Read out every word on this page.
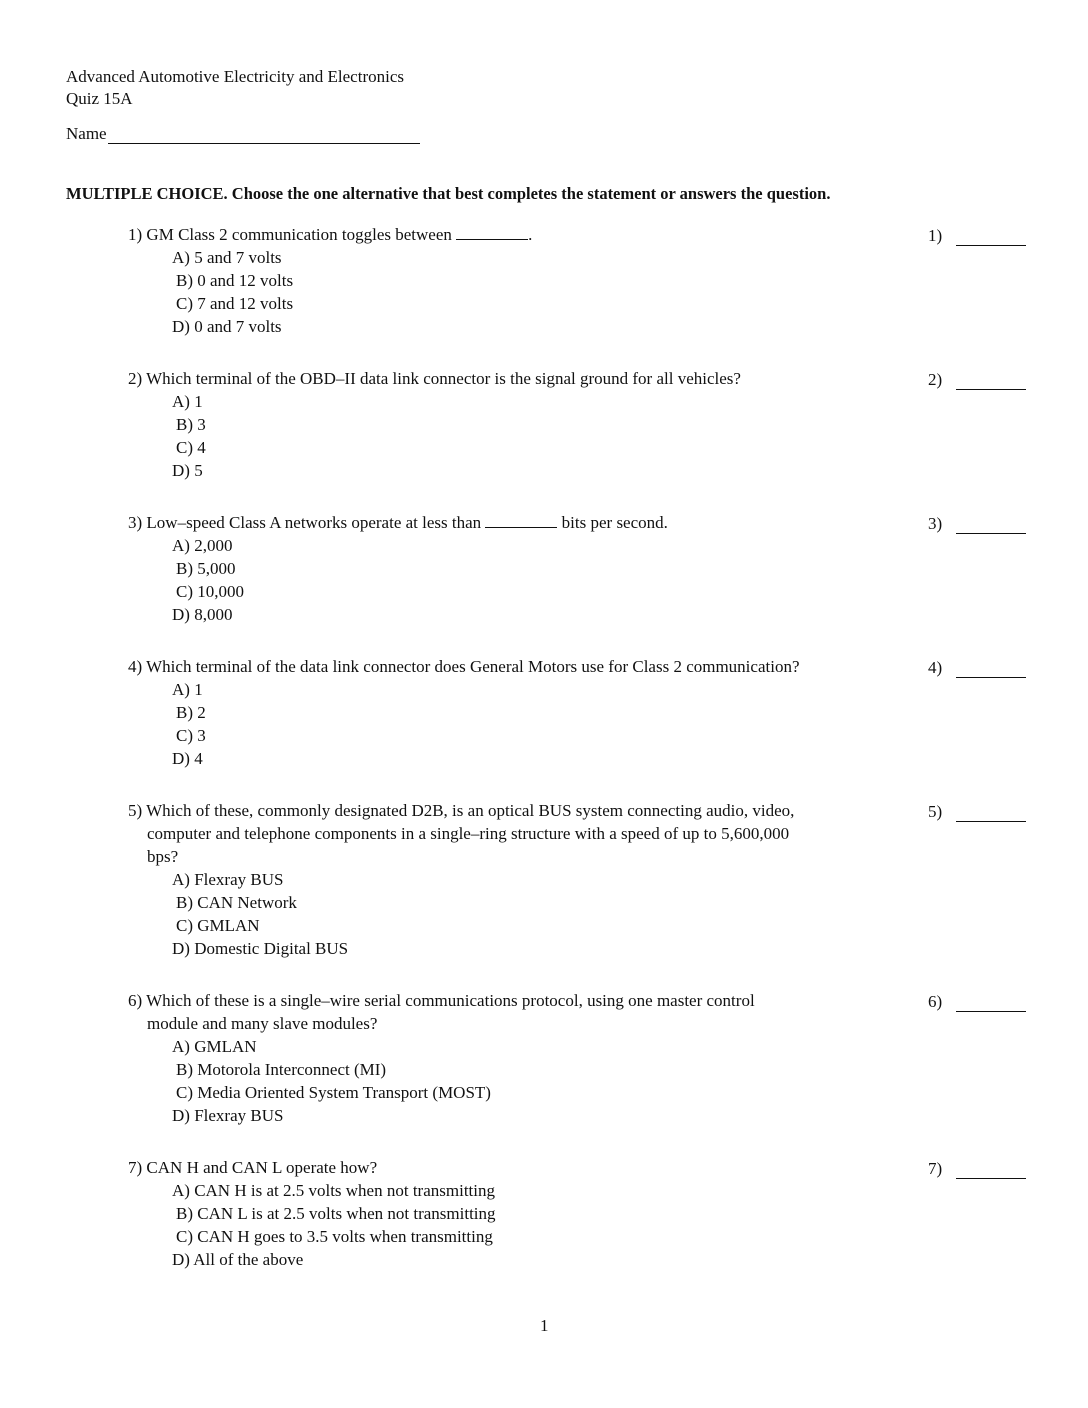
Advanced Automotive Electricity and Electronics
Quiz 15A
Name
MULTIPLE CHOICE. Choose the one alternative that best completes the statement or answers the question.
1) GM Class 2 communication toggles between	.
A) 5 and 7 volts
B) 0 and 12 volts
C) 7 and 12 volts
D) 0 and 7 volts
1)
2) Which terminal of the OBD–II data link connector is the signal ground for all vehicles?
A) 1
B) 3
C) 4
D) 5
2)
3) Low–speed Class A networks operate at less than	bits per second.
A) 2,000
B) 5,000
C) 10,000
D) 8,000
3)
4) Which terminal of the data link connector does General Motors use for Class 2 communication?
A) 1
B) 2
C) 3
D) 4
4)
5) Which of these, commonly designated D2B, is an optical BUS system connecting audio, video,
computer and telephone components in a single–ring structure with a speed of up to 5,600,000
bps?
A) Flexray BUS
B) CAN Network
C) GMLAN
D) Domestic Digital BUS
5)
6) Which of these is a single–wire serial communications protocol, using one master control
module and many slave modules?
A) GMLAN
B) Motorola Interconnect (MI)
C) Media Oriented System Transport (MOST)
D) Flexray BUS
6)
7) CAN H and CAN L operate how?
A) CAN H is at 2.5 volts when not transmitting
B) CAN L is at 2.5 volts when not transmitting
C) CAN H goes to 3.5 volts when transmitting
D) All of the above
7)
1
